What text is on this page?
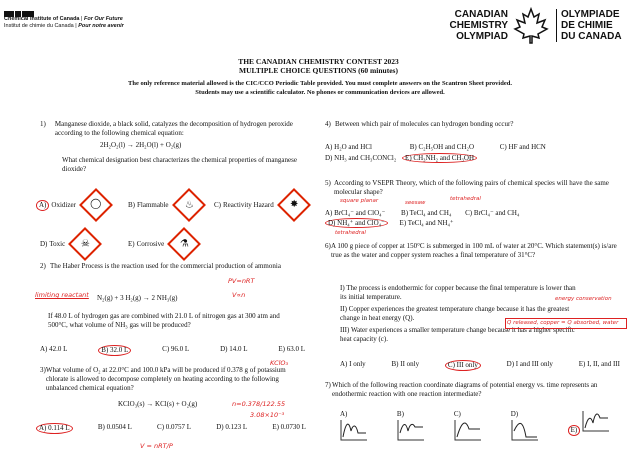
Chemical Institute of Canada | For Our Future
Institut de chimie du Canada | Pour notre avenir
CANADIAN
CHEMISTRY
OLYMPIAD
OLYMPIADE
DE CHIMIE
DU CANADA
THE CANADIAN CHEMISTRY CONTEST 2023
MULTIPLE CHOICE QUESTIONS (60 minutes)
The only reference material allowed is the CIC/CCO Periodic Table provided. You must complete answers on the Scantron Sheet provided.
Students may use a scientific calculator. No phones or communication devices are allowed.
1)	Manganese dioxide, a black solid, catalyzes the decomposition of hydrogen peroxide according to the following chemical equation:
2H₂O₂(l) → 2H₂O(l) + O₂(g)
What chemical designation best characterizes the chemical properties of manganese dioxide?
A) Oxidizer ◯	B) Flammable ♨	C) Reactivity Hazard ✸
D) Toxic ☠	E) Corrosive ⚗
2) The Haber Process is the reaction used for the commercial production of ammonia
N₂(g) + 3 H₂(g) → 2 NH₃(g)
limiting reactant
PV=nRT
V∝n
If 48.0 L of hydrogen gas are combined with 21.0 L of nitrogen gas at 300 atm and 500°C, what volume of NH₃ gas will be produced?
A) 42.0 L	B) 32.0 L	C) 96.0 L	D) 14.0 L	E) 63.0 L
3) What volume of O₂ at 22.0°C and 100.0 kPa will be produced if 0.378 g of potassium chlorate is allowed to decompose completely on heating according to the following unbalanced chemical equation?
KClO₃
KClO₃(s) → KCl(s) + O₂(g)	n=0.378/122.55
3.08×10⁻³
A) 0.114 L	B) 0.0504 L	C) 0.0757 L	D) 0.123 L	E) 0.0730 L
V = nRT/P
4) Between which pair of molecules can hydrogen bonding occur?
A) H₂O and HCl	B) C₂H₅OH and CH₂O	C) HF and HCN
D) NH₃ and CH₃CONCl₂ E) CH₃NH₂ and CH₃OH
5) According to VSEPR Theory, which of the following pairs of chemical species will have the same molecular shape?
square planar	seesaw
tetrahedral
A) BrCl₄⁻ and ClO₄⁻ B) TeCl₄ and CH₄ C) BrCl₄⁻ and CH₄
D) NH₄⁺ and ClO₄⁻ E) TeCl₄ and NH₄⁺
tetrahedral
6) A 100 g piece of copper at 150°C is submerged in 100 mL of water at 20°C. Which statement(s) is/are true as the water and copper system reaches a final temperature of 31°C?
I) The process is endothermic for copper because the final temperature is lower than its initial temperature.
II) Copper experiences the greatest temperature change because it has the greatest change in heat energy (Q).
III) Water experiences a smaller temperature change because it has a higher specific heat capacity (c).
energy conservation
Q released, copper = Q absorbed, water
A) I only	B) II only	C) III only	D) I and III only	E) I, II, and III
7) Which of the following reaction coordinate diagrams of potential energy vs. time represents an endothermic reaction with one reaction intermediate?
A)	B)	C)	D)
E)
